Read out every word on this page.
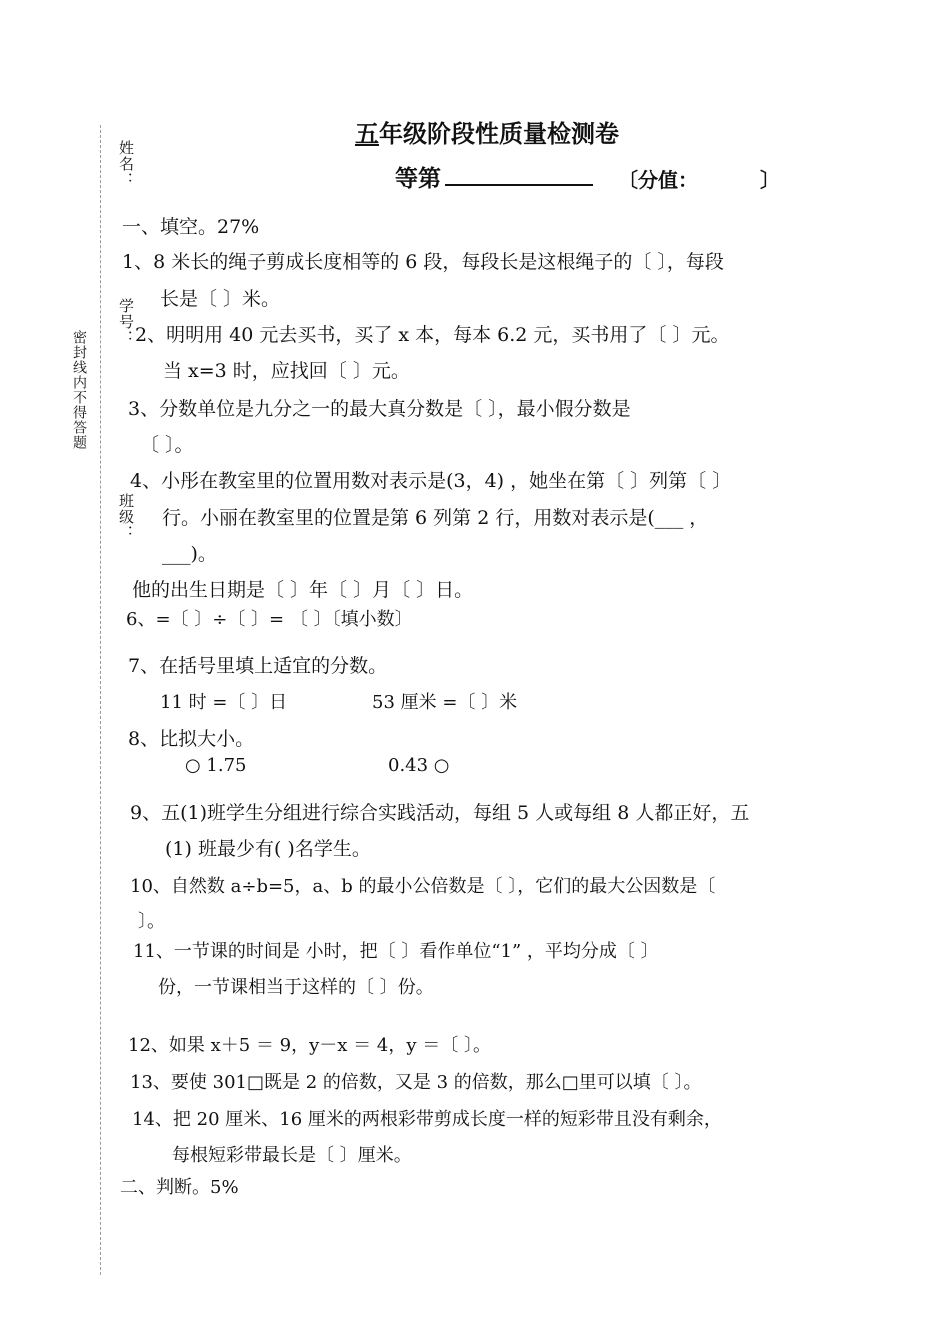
姓名：
学号：
班级：
密封线内不得答题
五年级阶段性质量检测卷
等第	〔分值：	〕
一、填空。27%
1、8 米长的绳子剪成长度相等的 6 段，每段长是这根绳子的〔 〕，每段
长是〔 〕米。
2、明明用 40 元去买书，买了 x 本，每本 6.2 元，买书用了〔 〕元。
当 x=3 时，应找回〔 〕元。
3、分数单位是九分之一的最大真分数是〔 〕，最小假分数是
〔 〕。
4、小彤在教室里的位置用数对表示是(3，4) ，她坐在第〔 〕列第〔 〕
行。小丽在教室里的位置是第 6 列第 2 行，用数对表示是(___ ，
___)。
他的出生日期是〔 〕年〔 〕月〔 〕日。
6、=〔 〕÷〔 〕= 〔 〕〔填小数〕
7、在括号里填上适宜的分数。
11 时 =〔 〕日	53 厘米 =〔 〕米
8、比拟大小。
○ 1.75	0.43 ○
9、五(1)班学生分组进行综合实践活动，每组 5 人或每组 8 人都正好，五
(1) 班最少有( )名学生。
10、自然数 a÷b=5，a、b 的最小公倍数是〔 〕，它们的最大公因数是〔
〕。
11、一节课的时间是 小时，把〔 〕看作单位“1” ，平均分成〔 〕
份，一节课相当于这样的〔 〕份。
12、如果 x＋5 ＝ 9，y－x ＝ 4，y ＝〔 〕。
13、要使 301□既是 2 的倍数，又是 3 的倍数，那么□里可以填〔 〕。
14、把 20 厘米、16 厘米的两根彩带剪成长度一样的短彩带且没有剩余，
每根短彩带最长是〔 〕厘米。
二、判断。5%
